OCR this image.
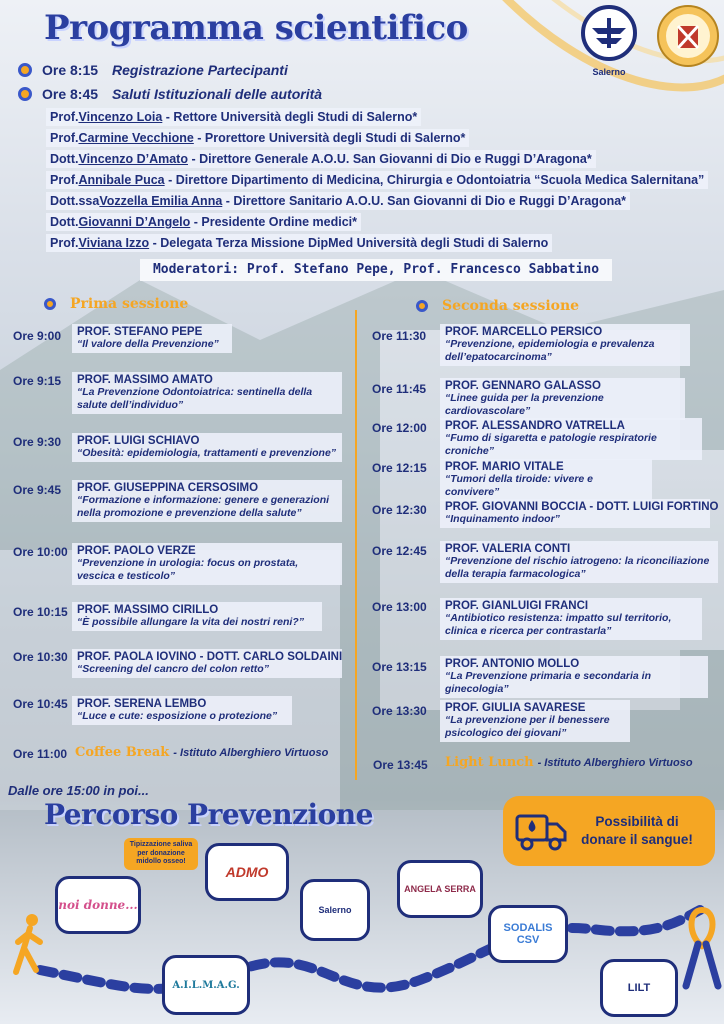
Programma scientifico
Salerno
Ore 8:15 Registrazione Partecipanti
Ore 8:45 Saluti Istituzionali delle autorità
Prof.Vincenzo Loia - Rettore Università degli Studi di Salerno*
Prof.Carmine Vecchione - Prorettore Università degli Studi di Salerno*
Dott.Vincenzo D’Amato - Direttore Generale A.O.U. San Giovanni di Dio e Ruggi D’Aragona*
Prof.Annibale Puca - Direttore Dipartimento di Medicina, Chirurgia e Odontoiatria “Scuola Medica Salernitana”
Dott.ssaVozzella Emilia Anna - Direttore Sanitario A.O.U. San Giovanni di Dio e Ruggi D’Aragona*
Dott.Giovanni D’Angelo - Presidente Ordine medici*
Prof.Viviana Izzo - Delegata Terza Missione DipMed Università degli Studi di Salerno
Moderatori: Prof. Stefano Pepe, Prof. Francesco Sabbatino
Prima sessione	Seconda sessione
Ore 9:00 PROF. STEFANO PEPE
“Il valore della Prevenzione”
Ore 9:15 PROF. MASSIMO AMATO
“La Prevenzione Odontoiatrica: sentinella della salute dell’individuo”
Ore 9:30 PROF. LUIGI SCHIAVO
“Obesità: epidemiologia, trattamenti e prevenzione”
Ore 9:45 PROF. GIUSEPPINA CERSOSIMO
“Formazione e informazione: genere e generazioni nella promozione e prevenzione della salute”
Ore 10:00 PROF. PAOLO VERZE
“Prevenzione in urologia: focus on prostata, vescica e testicolo”
Ore 10:15 PROF. MASSIMO CIRILLO
“È possibile allungare la vita dei nostri reni?”
Ore 10:30 PROF. PAOLA IOVINO - DOTT. CARLO SOLDAINI
“Screening del cancro del colon retto”
Ore 10:45 PROF. SERENA LEMBO
“Luce e cute: esposizione o protezione”
Ore 11:00 Coffee Break - Istituto Alberghiero Virtuoso
Ore 11:30 PROF. MARCELLO PERSICO
“Prevenzione, epidemiologia e prevalenza dell’epatocarcinoma”
Ore 11:45 PROF. GENNARO GALASSO
“Linee guida per la prevenzione cardiovascolare”
Ore 12:00 PROF. ALESSANDRO VATRELLA
“Fumo di sigaretta e patologie respiratorie croniche”
Ore 12:15 PROF. MARIO VITALE
“Tumori della tiroide: vivere e convivere”
Ore 12:30 PROF. GIOVANNI BOCCIA - DOTT. LUIGI FORTINO
“Inquinamento indoor”
Ore 12:45 PROF. VALERIA CONTI
“Prevenzione del rischio iatrogeno: la riconciliazione della terapia farmacologica”
Ore 13:00 PROF. GIANLUIGI FRANCI
“Antibiotico resistenza: impatto sul territorio, clinica e ricerca per contrastarla”
Ore 13:15 PROF. ANTONIO MOLLO
“La Prevenzione primaria e secondaria in ginecologia”
Ore 13:30 PROF. GIULIA SAVARESE
“La prevenzione per il benessere psicologico dei giovani”
Ore 13:45 Light Lunch - Istituto Alberghiero Virtuoso
Dalle ore 15:00 in poi...
Percorso Prevenzione	Possibilità di donare il sangue!
Tipizzazione saliva per donazione midollo osseo!
noi donne...
ADMO
Salerno
ANGELA SERRA
SODALIS CSV
A.I.L.M.A.G.	LILT
